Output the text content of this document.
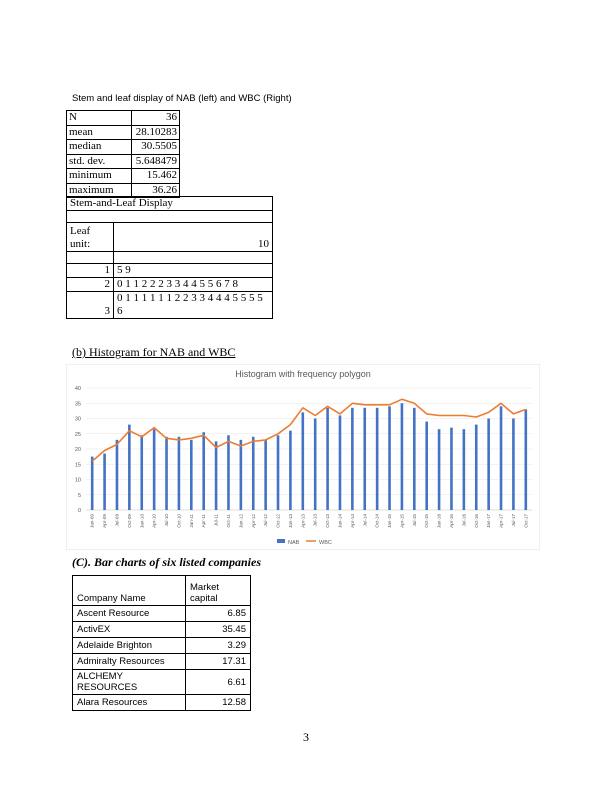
Stem and leaf display of NAB (left) and WBC (Right)
N	36
mean	28.10283
median	30.5505
std. dev.	5.648479
minimum	15.462
maximum	36.26
Stem-and-Leaf Display	

Leaf unit:	10

1	5 9
2	0 1 1 2 2 2 3 3 4 4 5 5 6 7 8
3	0 1 1 1 1 1 1 2 2 3 3 4 4 4 5 5 5 5 6
(b) Histogram for NAB and WBC
Histogram with frequency polygon
0
5
10
15
20
25
30
35
40
Jan-09 Apr-09 Jul-09 Oct-09 Jan-10 Apr-10 Jul-10 Oct-10 Jan-11 Apr-11 Jul-11 Oct-11 Jan-12 Apr-12 Jul-12 Oct-12 Jan-13 Apr-13 Jul-13 Oct-13 Jan-14 Apr-14 Jul-14 Oct-14 Jan-15 Apr-15 Jul-15 Oct-15 Jan-16 Apr-16 Jul-16 Oct-16 Jan-17 Apr-17 Jul-17 Oct-17
NAB	WBC
(C). Bar charts of six listed companies
Company Name	Market capital
Ascent Resource	6.85
ActivEX	35.45
Adelaide Brighton	3.29
Admiralty Resources	17.31
ALCHEMY RESOURCES	6.61
Alara Resources	12.58
3
